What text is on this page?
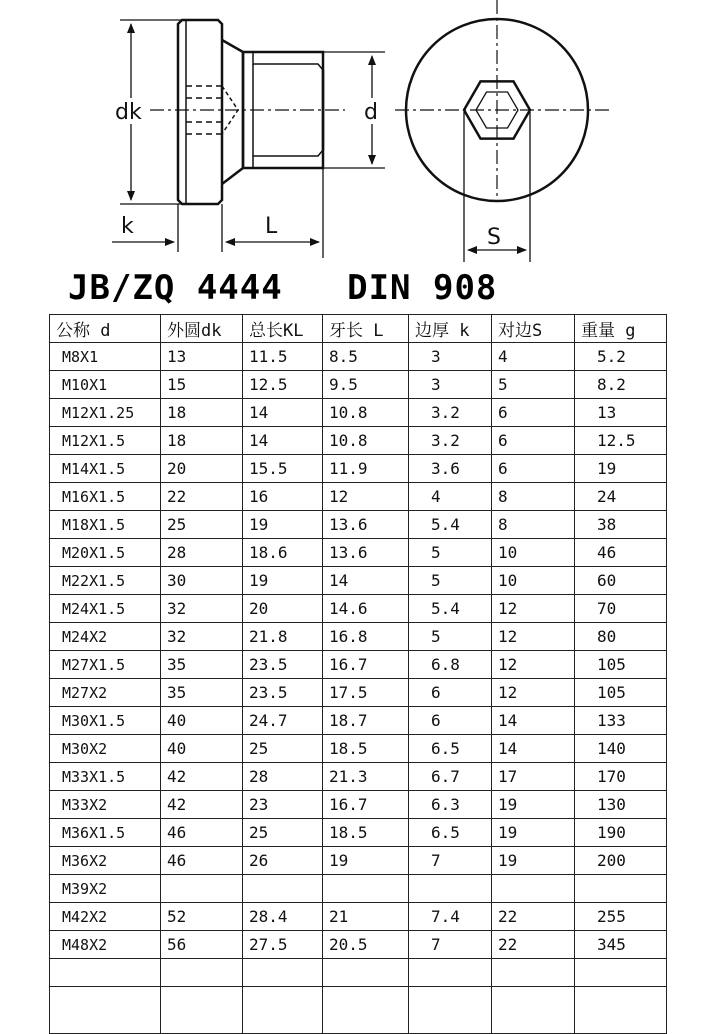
dk	d
k	L	S
JB/ZQ 4444   DIN 908
公称 d	外圆dk	总长KL	牙长 L	边厚 k	对边S	重量 g
M8X1	13	11.5	8.5	3	4	5.2
M10X1	15	12.5	9.5	3	5	8.2
M12X1.25	18	14	10.8	3.2	6	13
M12X1.5	18	14	10.8	3.2	6	12.5
M14X1.5	20	15.5	11.9	3.6	6	19
M16X1.5	22	16	12	4	8	24
M18X1.5	25	19	13.6	5.4	8	38
M20X1.5	28	18.6	13.6	5	10	46
M22X1.5	30	19	14	5	10	60
M24X1.5	32	20	14.6	5.4	12	70
M24X2	32	21.8	16.8	5	12	80
M27X1.5	35	23.5	16.7	6.8	12	105
M27X2	35	23.5	17.5	6	12	105
M30X1.5	40	24.7	18.7	6	14	133
M30X2	40	25	18.5	6.5	14	140
M33X1.5	42	28	21.3	6.7	17	170
M33X2	42	23	16.7	6.3	19	130
M36X1.5	46	25	18.5	6.5	19	190
M36X2	46	26	19	7	19	200
M39X2						
M42X2	52	28.4	21	7.4	22	255
M48X2	56	27.5	20.5	7	22	345
